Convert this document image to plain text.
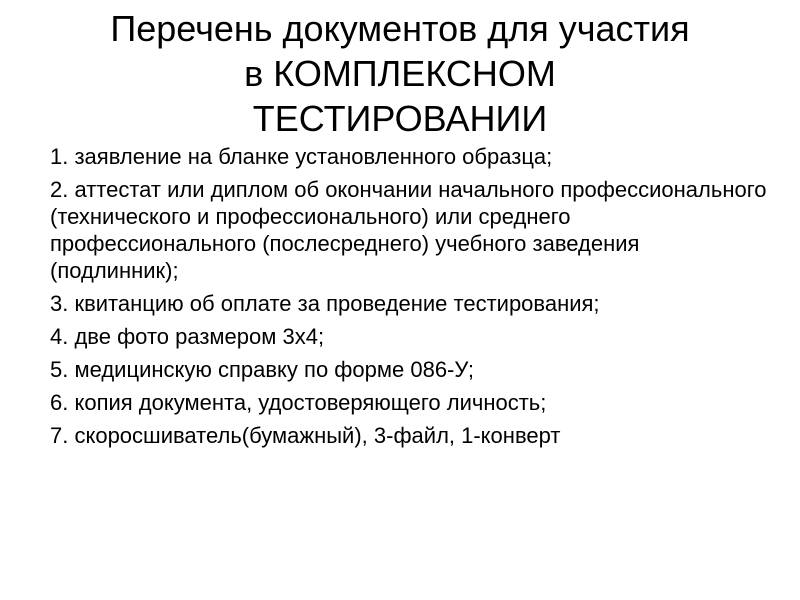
Перечень документов для участия
в КОМПЛЕКСНОМ
ТЕСТИРОВАНИИ
1. заявление на бланке установленного образца;
2. аттестат или диплом об окончании начального профессионального (технического и профессионального) или среднего профессионального (послесреднего) учебного заведения (подлинник);
3. квитанцию об оплате за проведение тестирования;
4. две фото размером 3х4;
5. медицинскую справку по форме 086-У;
6. копия документа, удостоверяющего личность;
7. скоросшиватель(бумажный), 3-файл, 1-конверт
